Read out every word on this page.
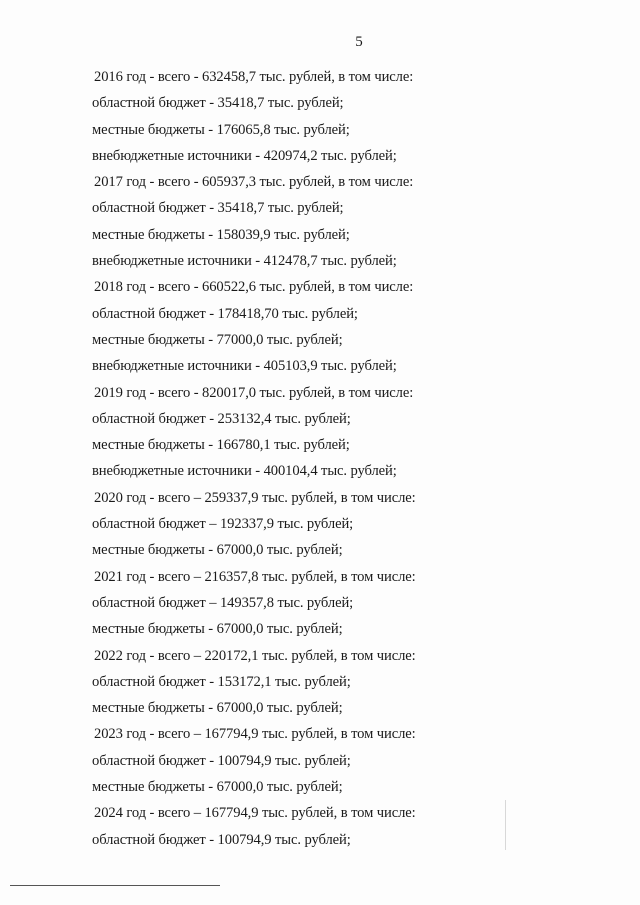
5
2016 год - всего - 632458,7 тыс. рублей, в том числе:
областной бюджет - 35418,7 тыс. рублей;
местные бюджеты - 176065,8 тыс. рублей;
внебюджетные источники - 420974,2 тыс. рублей;
2017 год - всего - 605937,3 тыс. рублей, в том числе:
областной бюджет - 35418,7 тыс. рублей;
местные бюджеты - 158039,9 тыс. рублей;
внебюджетные источники - 412478,7 тыс. рублей;
2018 год - всего - 660522,6 тыс. рублей, в том числе:
областной бюджет - 178418,70 тыс. рублей;
местные бюджеты - 77000,0 тыс. рублей;
внебюджетные источники - 405103,9 тыс. рублей;
2019 год - всего - 820017,0 тыс. рублей, в том числе:
областной бюджет - 253132,4 тыс. рублей;
местные бюджеты - 166780,1 тыс. рублей;
внебюджетные источники - 400104,4 тыс. рублей;
2020 год - всего – 259337,9 тыс. рублей, в том числе:
областной бюджет – 192337,9 тыс. рублей;
местные бюджеты - 67000,0 тыс. рублей;
2021 год - всего – 216357,8 тыс. рублей, в том числе:
областной бюджет – 149357,8 тыс. рублей;
местные бюджеты - 67000,0 тыс. рублей;
2022 год - всего – 220172,1 тыс. рублей, в том числе:
областной бюджет - 153172,1 тыс. рублей;
местные бюджеты - 67000,0 тыс. рублей;
2023 год - всего – 167794,9 тыс. рублей, в том числе:
областной бюджет - 100794,9 тыс. рублей;
местные бюджеты - 67000,0 тыс. рублей;
2024 год - всего – 167794,9 тыс. рублей, в том числе:
областной бюджет - 100794,9 тыс. рублей;
